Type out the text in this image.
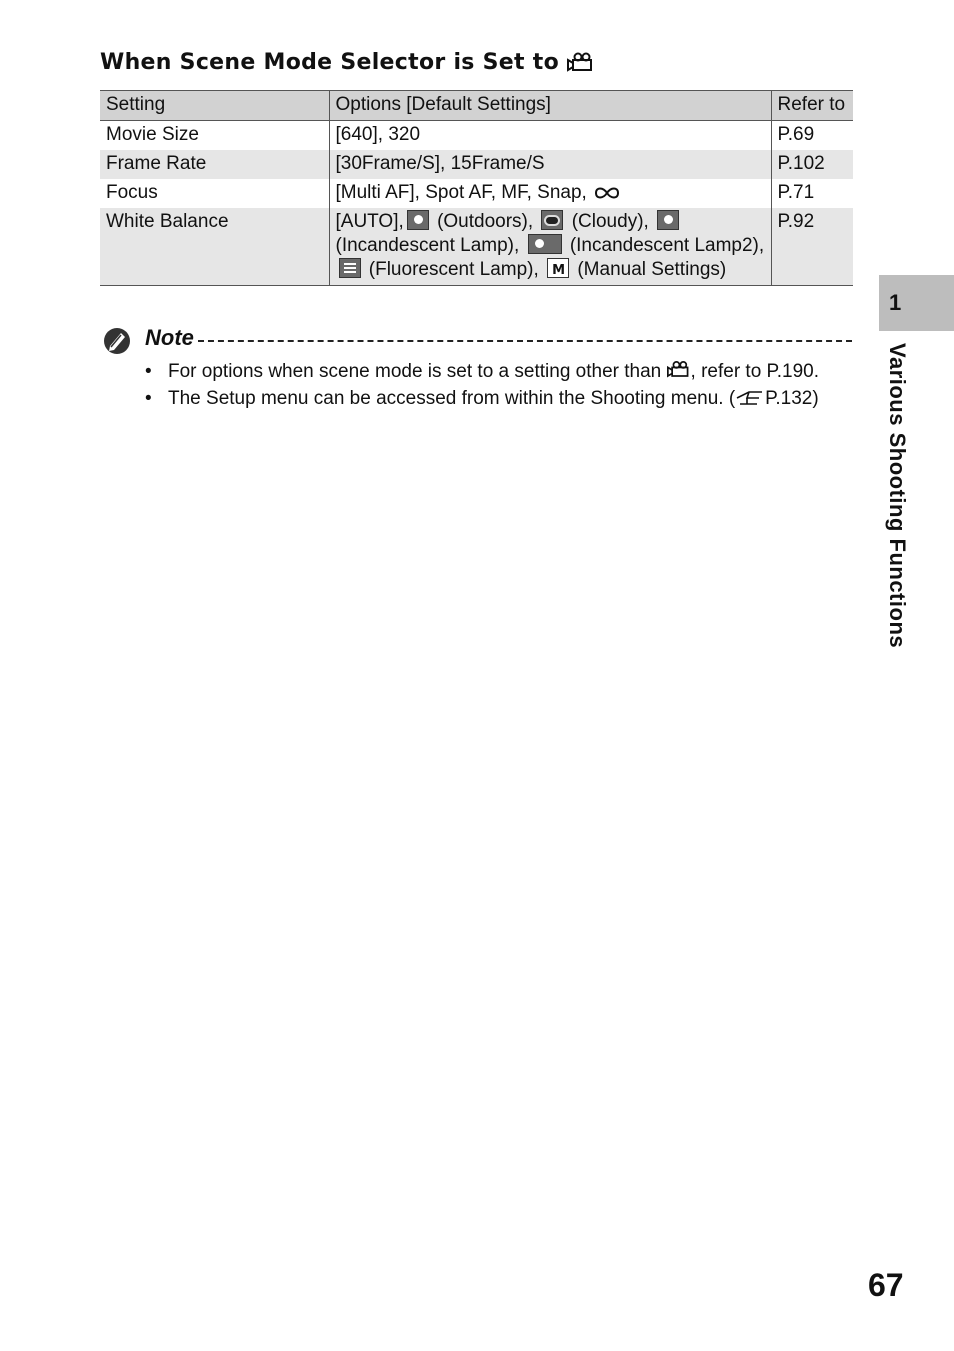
When Scene Mode Selector is Set to
Setting	Options [Default Settings]	Refer to
Movie Size	[640], 320	P.69
Frame Rate	[30Frame/S], 15Frame/S	P.102
Focus	[Multi AF], Spot AF, MF, Snap,	P.71
White Balance	[AUTO], (Outdoors), (Cloudy),
(Incandescent Lamp), (Incandescent Lamp2),
(Fluorescent Lamp), M (Manual Settings)	P.92
Note
• For options when scene mode is set to a setting other than , refer to P.190.
• The Setup menu can be accessed from within the Shooting menu. ( P.132)
1
Various Shooting Functions
67
